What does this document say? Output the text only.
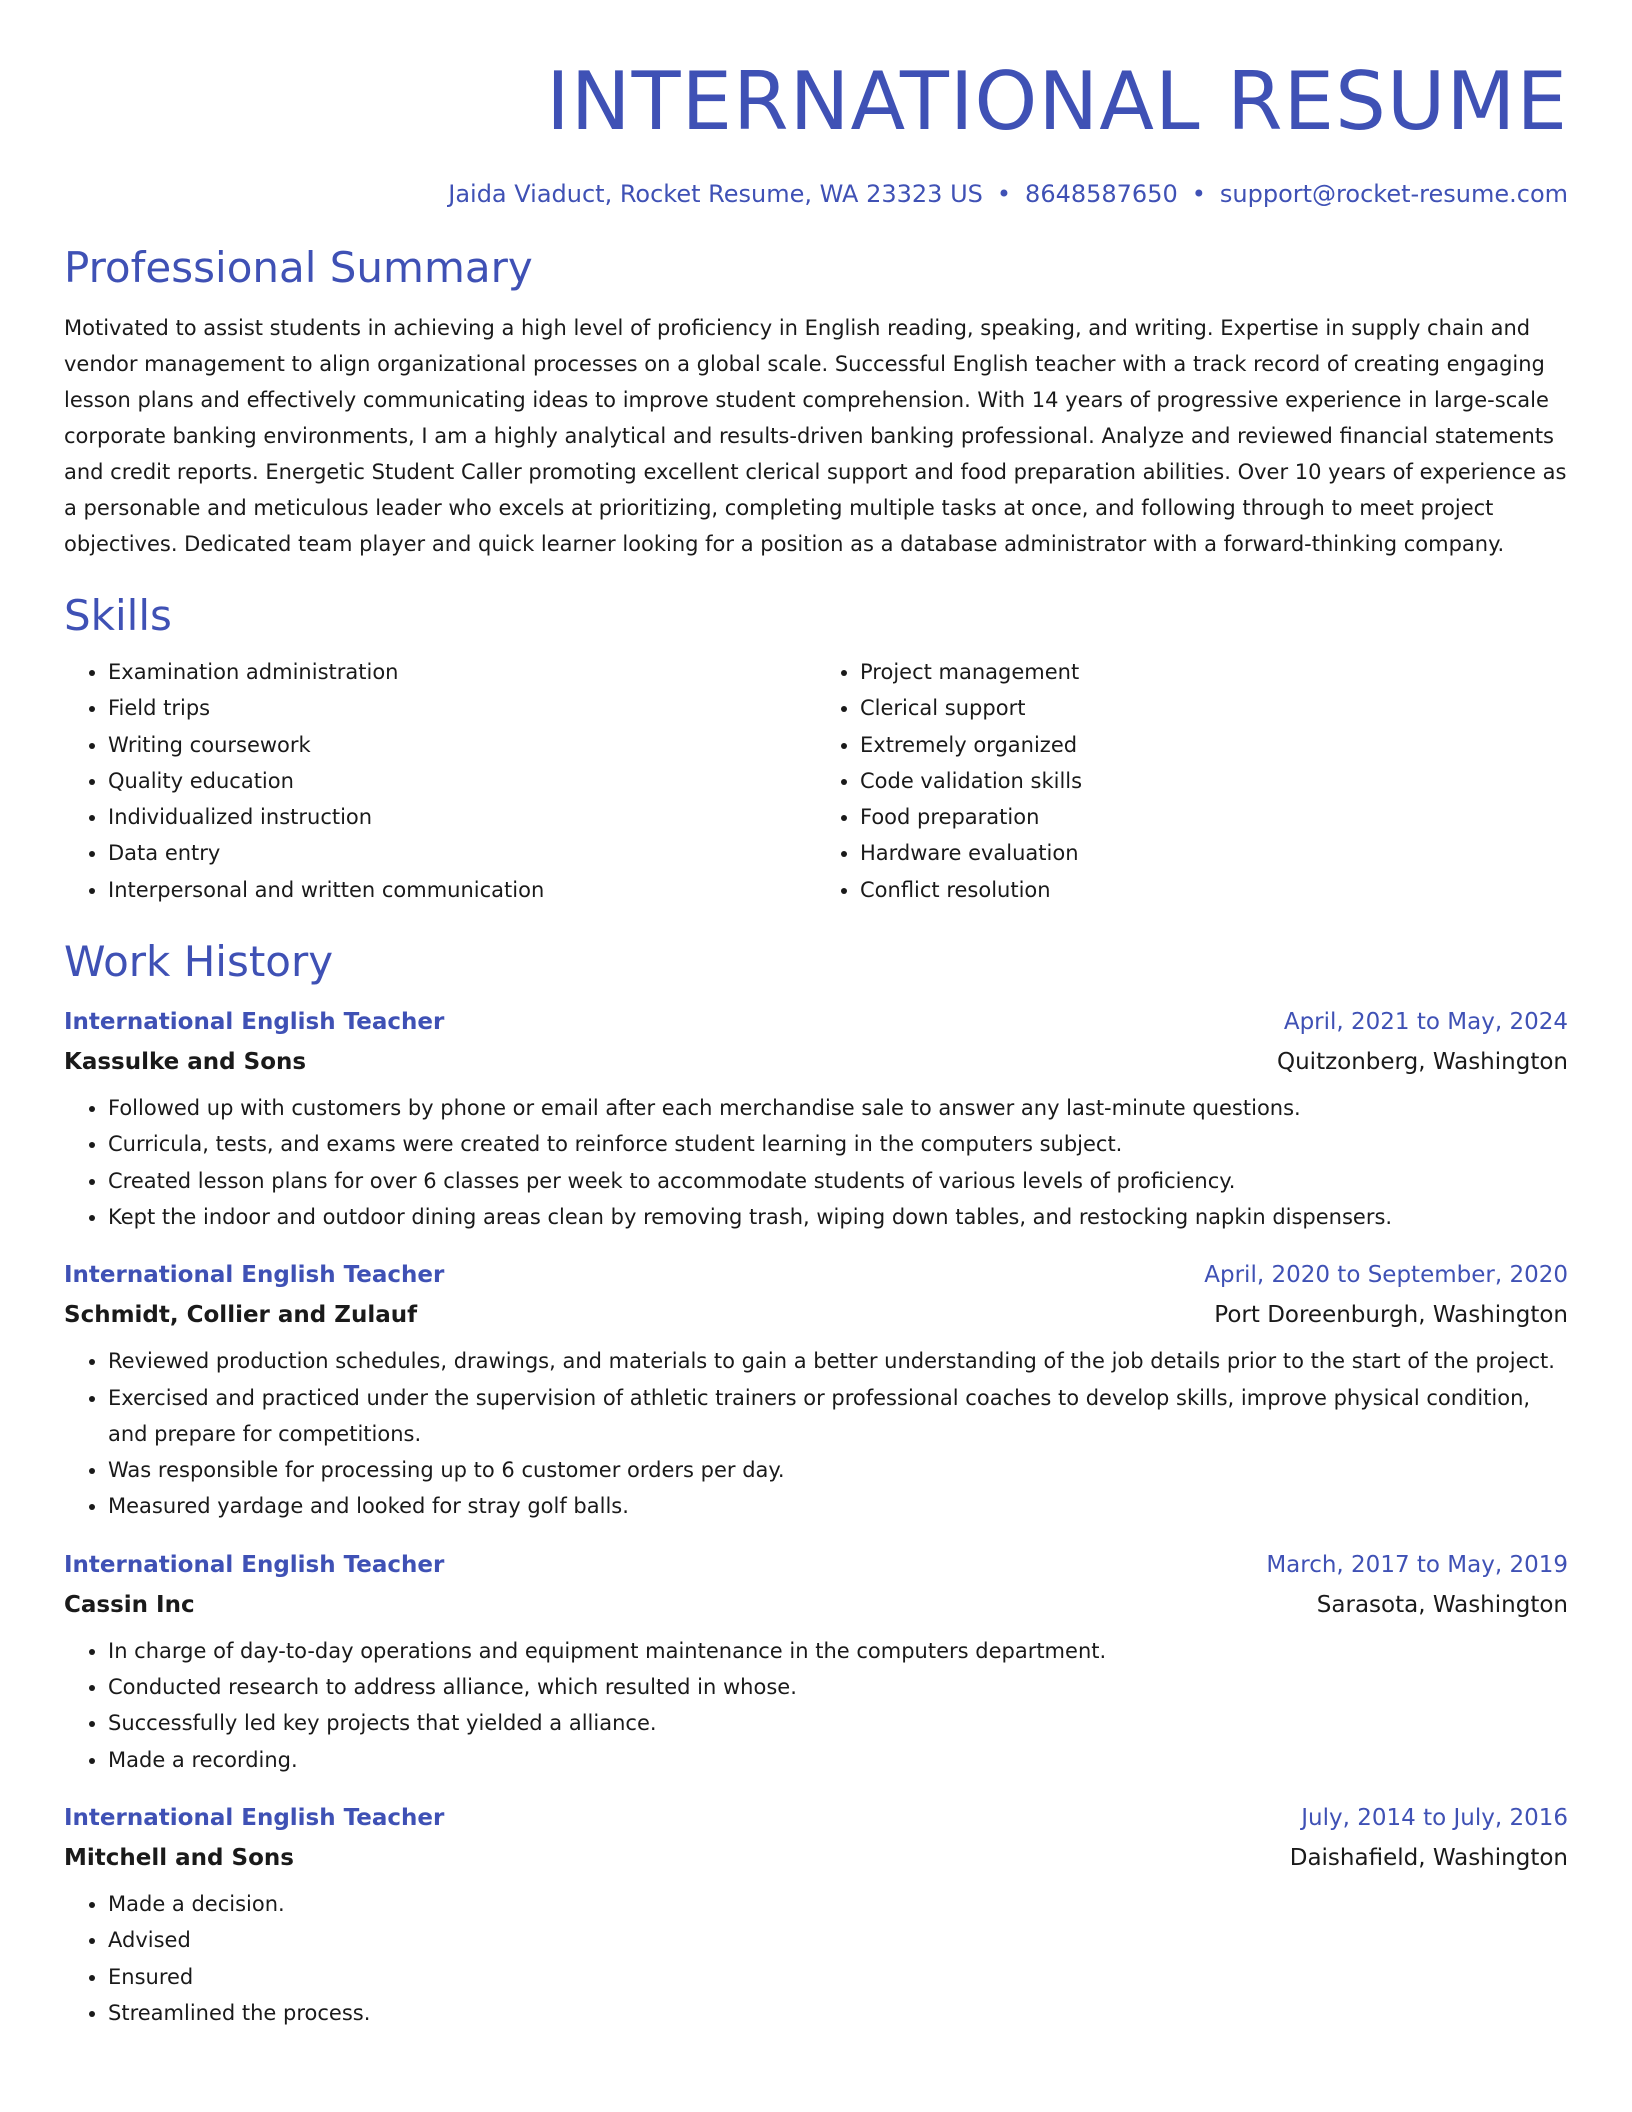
INTERNATIONAL RESUME
Jaida Viaduct, Rocket Resume, WA 23323 US • 8648587650 • support@rocket-resume.com
Professional Summary
Motivated to assist students in achieving a high level of proficiency in English reading, speaking, and writing. Expertise in supply chain and vendor management to align organizational processes on a global scale. Successful English teacher with a track record of creating engaging lesson plans and effectively communicating ideas to improve student comprehension. With 14 years of progressive experience in large-scale corporate banking environments, I am a highly analytical and results-driven banking professional. Analyze and reviewed financial statements and credit reports. Energetic Student Caller promoting excellent clerical support and food preparation abilities. Over 10 years of experience as a personable and meticulous leader who excels at prioritizing, completing multiple tasks at once, and following through to meet project objectives. Dedicated team player and quick learner looking for a position as a database administrator with a forward-thinking company.
Skills
• Examination administration
• Field trips
• Writing coursework
• Quality education
• Individualized instruction
• Data entry
• Interpersonal and written communication
• Project management
• Clerical support
• Extremely organized
• Code validation skills
• Food preparation
• Hardware evaluation
• Conflict resolution
Work History
International English Teacher	April, 2021 to May, 2024
Kassulke and Sons	Quitzonberg, Washington
• Followed up with customers by phone or email after each merchandise sale to answer any last-minute questions.
• Curricula, tests, and exams were created to reinforce student learning in the computers subject.
• Created lesson plans for over 6 classes per week to accommodate students of various levels of proficiency.
• Kept the indoor and outdoor dining areas clean by removing trash, wiping down tables, and restocking napkin dispensers.
International English Teacher	April, 2020 to September, 2020
Schmidt, Collier and Zulauf	Port Doreenburgh, Washington
• Reviewed production schedules, drawings, and materials to gain a better understanding of the job details prior to the start of the project.
• Exercised and practiced under the supervision of athletic trainers or professional coaches to develop skills, improve physical condition, and prepare for competitions.
• Was responsible for processing up to 6 customer orders per day.
• Measured yardage and looked for stray golf balls.
International English Teacher	March, 2017 to May, 2019
Cassin Inc	Sarasota, Washington
• In charge of day-to-day operations and equipment maintenance in the computers department.
• Conducted research to address alliance, which resulted in whose.
• Successfully led key projects that yielded a alliance.
• Made a recording.
International English Teacher	July, 2014 to July, 2016
Mitchell and Sons	Daishafield, Washington
• Made a decision.
• Advised
• Ensured
• Streamlined the process.
